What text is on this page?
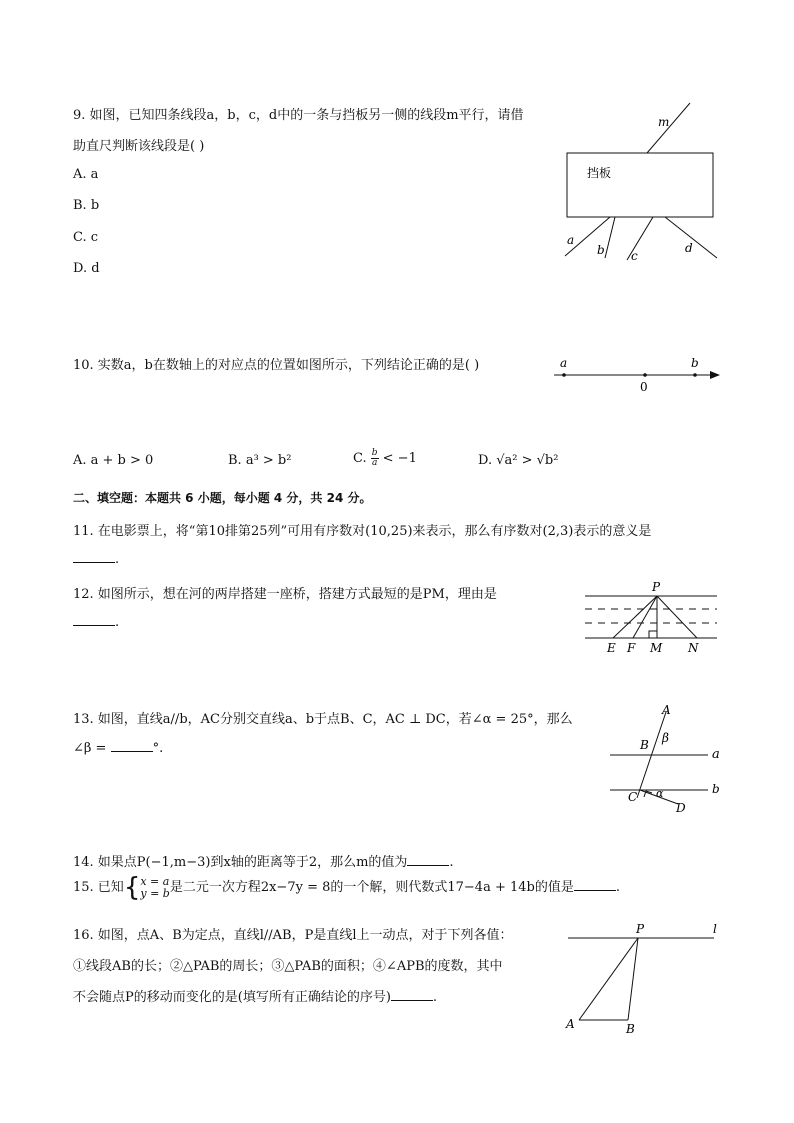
9. 如图，已知四条线段a，b，c，d中的一条与挡板另一侧的线段m平行，请借
助直尺判断该线段是( )
A. a
B. b
C. c
D. d
挡板
m
a
b c
d
10. 实数a，b在数轴上的对应点的位置如图所示，下列结论正确的是( )	a
0
b
A. a + b > 0	B. a³ > b²	C. $\frac{b}{a} < -1$	D. √a² > √b²
二、填空题：本题共 6 小题，每小题 4 分，共 24 分。
11. 在电影票上，将“第10排第25列”可用有序数对(10,25)来表示，那么有序数对(2,3)表示的意义是
.
12. 如图所示，想在河的两岸搭建一座桥，搭建方式最短的是PM，理由是
.
P
E F M N
13. 如图，直线a//b，AC分别交直线a、b于点B、C，AC ⊥ DC，若∠α = 25°，那么
∠β =	°.
A
B β
a
C α
D
b
14. 如果点P(−1,m−3)到x轴的距离等于2，那么m的值为	.
15. 已知{ x = a
y = b 是二元一次方程2x−7y = 8的一个解，则代数式17−4a + 14b的值是	.
16. 如图，点A、B为定点，直线l//AB，P是直线l上一动点，对于下列各值：
①线段AB的长；②△PAB的周长；③△PAB的面积；④∠APB的度数，其中
不会随点P的移动而变化的是(填写所有正确结论的序号)	.
P	l
A	B
